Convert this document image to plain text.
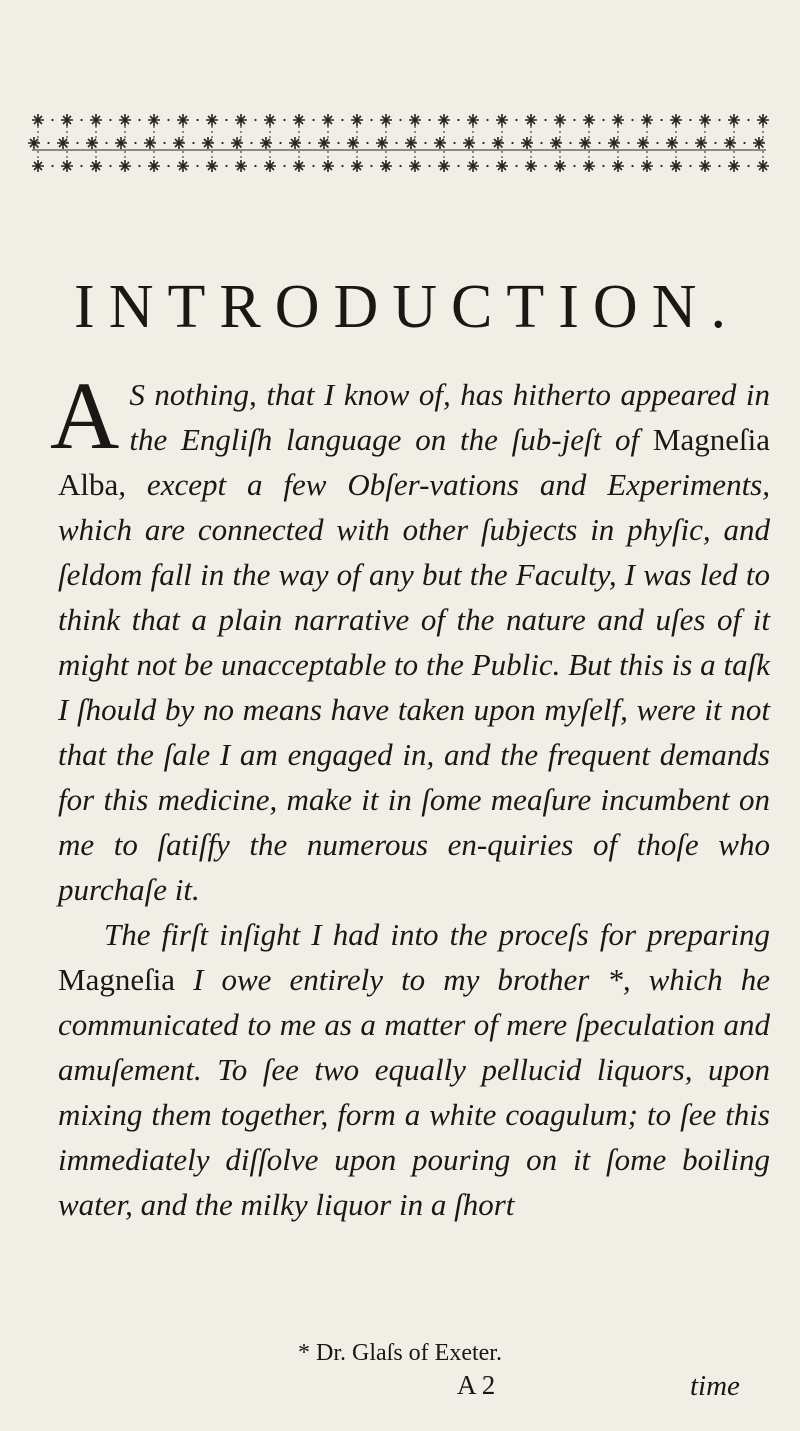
INTRODUCTION.

A S nothing, that I know of, has hitherto appeared in the Engliſh language on the ſub-jeſt of Magneſia Alba, except a few Obſer-vations and Experiments, which are connected with other ſubjects in phyſic, and ſeldom fall in the way of any but the Faculty, I was led to think that a plain narrative of the nature and uſes of it might not be unacceptable to the Public. But this is a taſk I ſhould by no means have taken upon myſelf, were it not that the ſale I am engaged in, and the frequent demands for this medicine, make it in ſome meaſure incumbent on me to ſatiſfy the numerous en-quiries of thoſe who purchaſe it.

The firſt inſight I had into the proceſs for preparing Magneſia I owe entirely to my brother *, which he communicated to me as a matter of mere ſpeculation and amuſement. To ſee two equally pellucid liquors, upon mixing them together, form a white coagulum; to ſee this immediately diſſolve upon pouring on it ſome boiling water, and the milky liquor in a ſhort

* Dr. Glaſs of Exeter.
A 2	time
